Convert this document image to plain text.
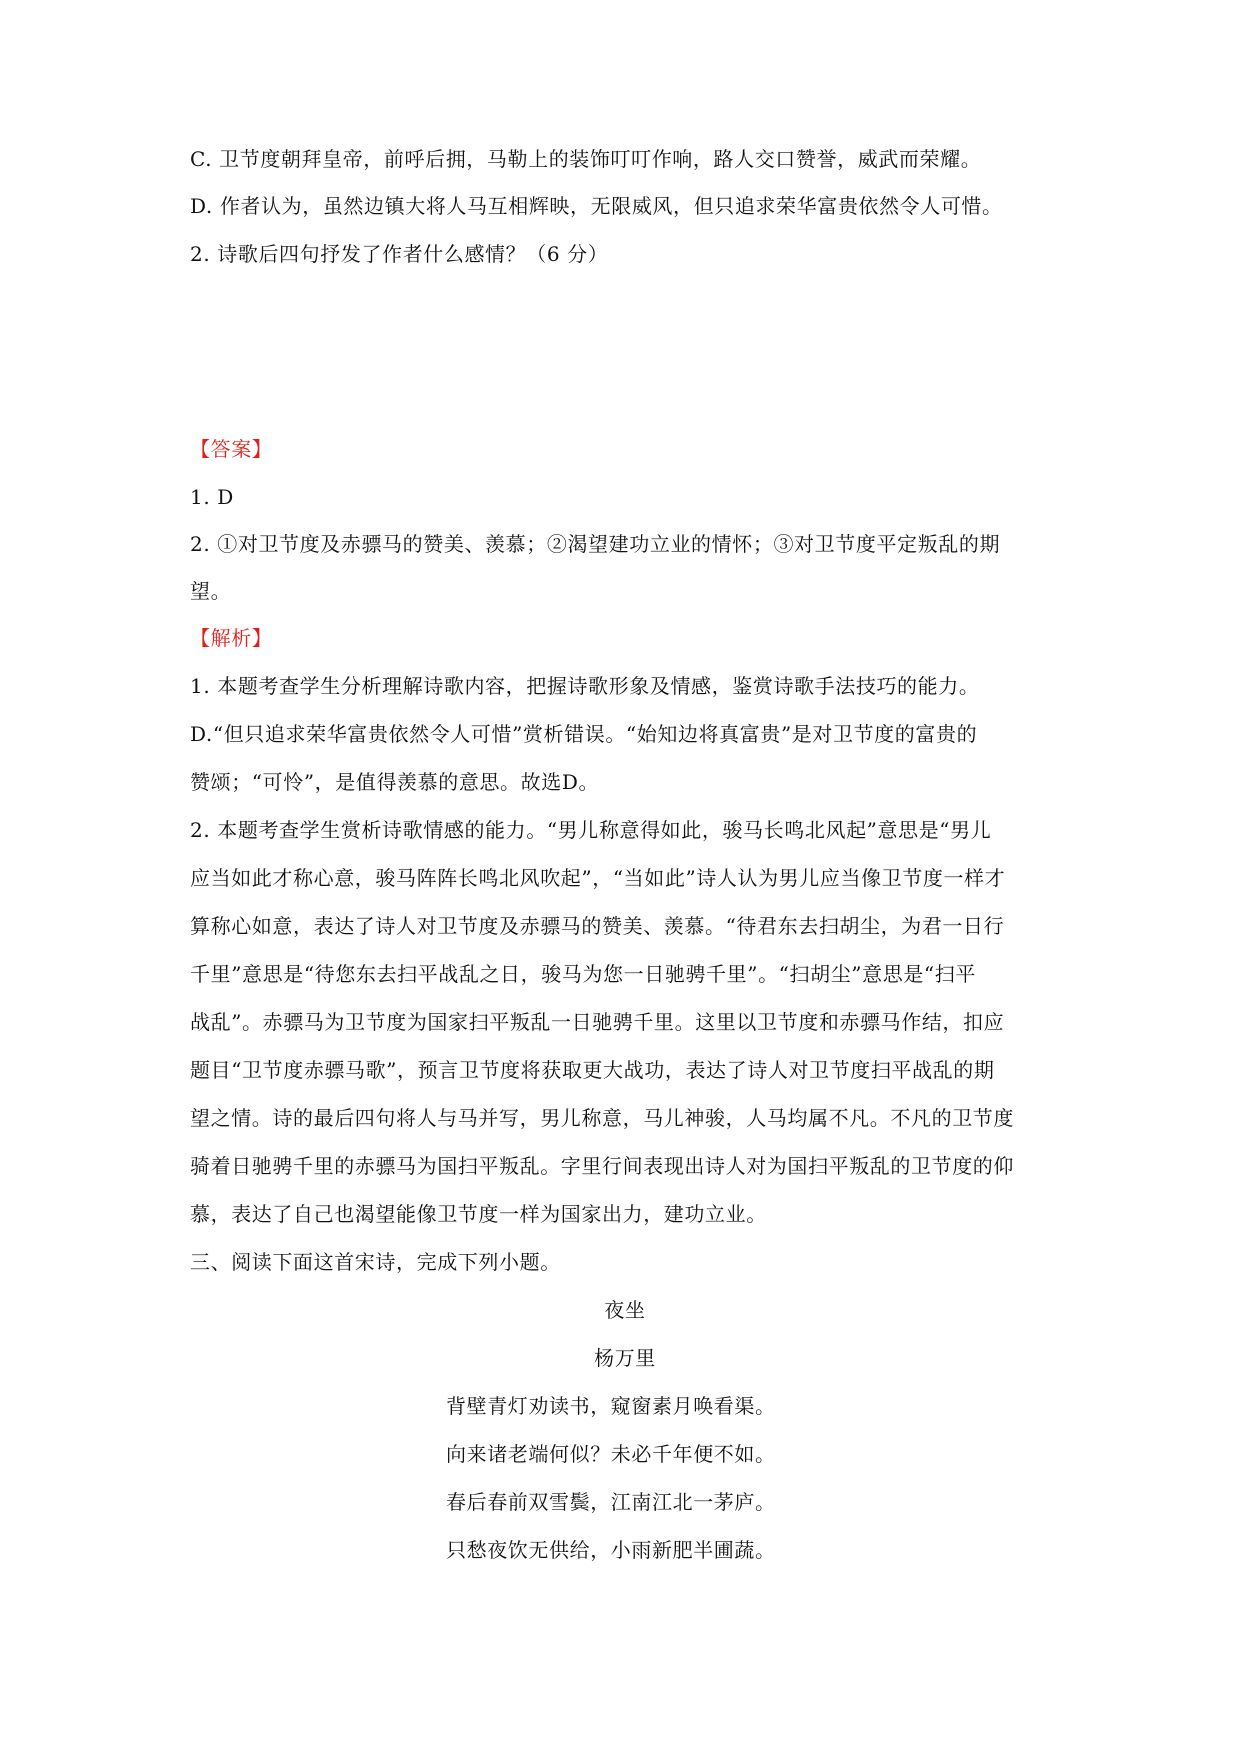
C. 卫节度朝拜皇帝，前呼后拥，马勒上的装饰叮叮作响，路人交口赞誉，威武而荣耀。
D. 作者认为，虽然边镇大将人马互相辉映，无限威风，但只追求荣华富贵依然令人可惜。
2. 诗歌后四句抒发了作者什么感情？（6 分）
【答案】
1. D
2. ①对卫节度及赤骠马的赞美、羡慕；②渴望建功立业的情怀；③对卫节度平定叛乱的期
望。
【解析】
1. 本题考查学生分析理解诗歌内容，把握诗歌形象及情感，鉴赏诗歌手法技巧的能力。
D.“但只追求荣华富贵依然令人可惜”赏析错误。“始知边将真富贵”是对卫节度的富贵的
赞颂；“可怜”，是值得羡慕的意思。故选D。
2. 本题考查学生赏析诗歌情感的能力。“男儿称意得如此，骏马长鸣北风起”意思是“男儿
应当如此才称心意，骏马阵阵长鸣北风吹起”，“当如此”诗人认为男儿应当像卫节度一样才
算称心如意，表达了诗人对卫节度及赤骠马的赞美、羡慕。“待君东去扫胡尘，为君一日行
千里”意思是“待您东去扫平战乱之日，骏马为您一日驰骋千里”。“扫胡尘”意思是“扫平
战乱”。赤骠马为卫节度为国家扫平叛乱一日驰骋千里。这里以卫节度和赤骠马作结，扣应
题目“卫节度赤骠马歌”，预言卫节度将获取更大战功，表达了诗人对卫节度扫平战乱的期
望之情。诗的最后四句将人与马并写，男儿称意，马儿神骏，人马均属不凡。不凡的卫节度
骑着日驰骋千里的赤骠马为国扫平叛乱。字里行间表现出诗人对为国扫平叛乱的卫节度的仰
慕，表达了自己也渴望能像卫节度一样为国家出力，建功立业。
三、阅读下面这首宋诗，完成下列小题。
夜坐
杨万里
背壁青灯劝读书，窥窗素月唤看渠。
向来诸老端何似？未必千年便不如。
春后春前双雪鬓，江南江北一茅庐。
只愁夜饮无供给，小雨新肥半圃蔬。
